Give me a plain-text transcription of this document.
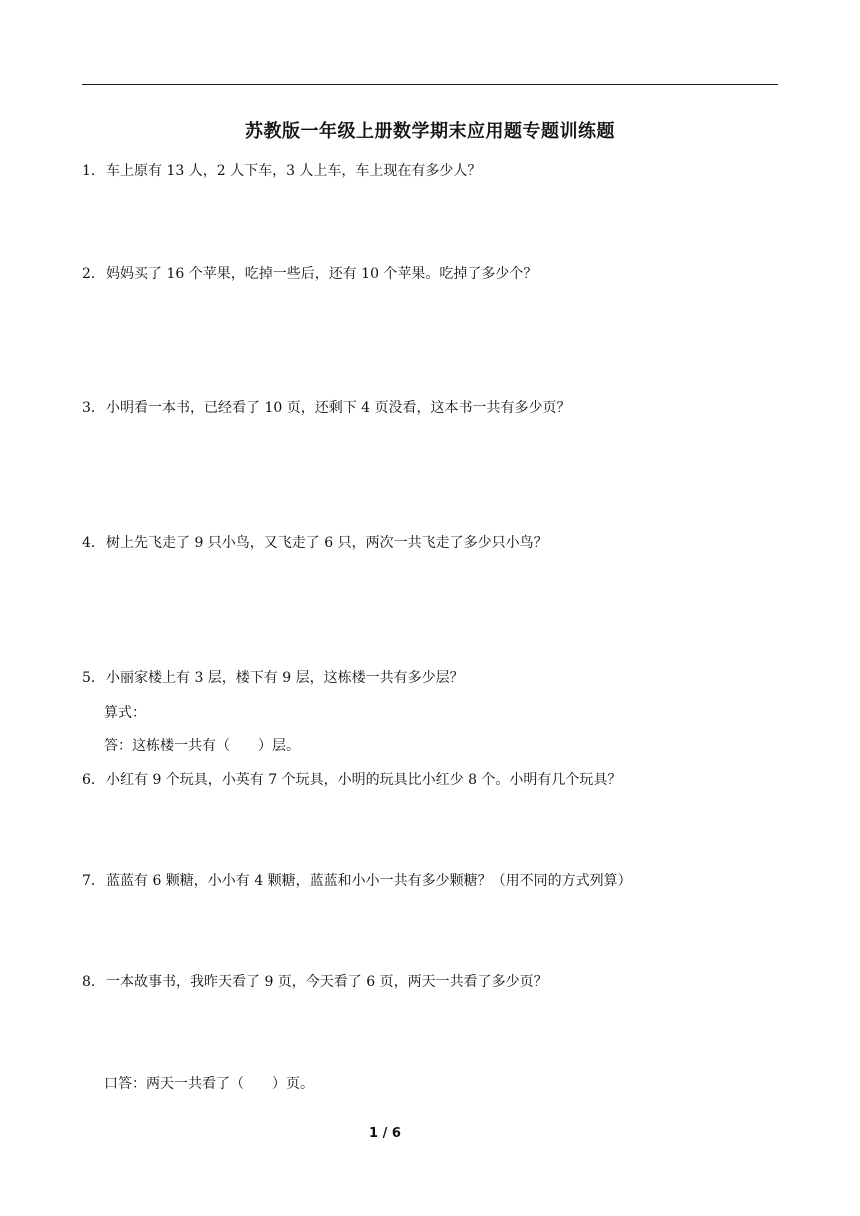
苏教版一年级上册数学期末应用题专题训练题
1． 车上原有 13 人，2 人下车，3 人上车，车上现在有多少人？
2． 妈妈买了 16 个苹果，吃掉一些后，还有 10 个苹果。吃掉了多少个？
3． 小明看一本书，已经看了 10 页，还剩下 4 页没看，这本书一共有多少页？
4． 树上先飞走了 9 只小鸟，又飞走了 6 只，两次一共飞走了多少只小鸟？
5． 小丽家楼上有 3 层，楼下有 9 层，这栋楼一共有多少层？
算式：
答：这栋楼一共有（　　）层。
6． 小红有 9 个玩具，小英有 7 个玩具，小明的玩具比小红少 8 个。小明有几个玩具？
7． 蓝蓝有 6 颗糖，小小有 4 颗糖，蓝蓝和小小一共有多少颗糖？（用不同的方式列算）
8． 一本故事书，我昨天看了 9 页，今天看了 6 页，两天一共看了多少页？
口答：两天一共看了（　　）页。
1 / 6
